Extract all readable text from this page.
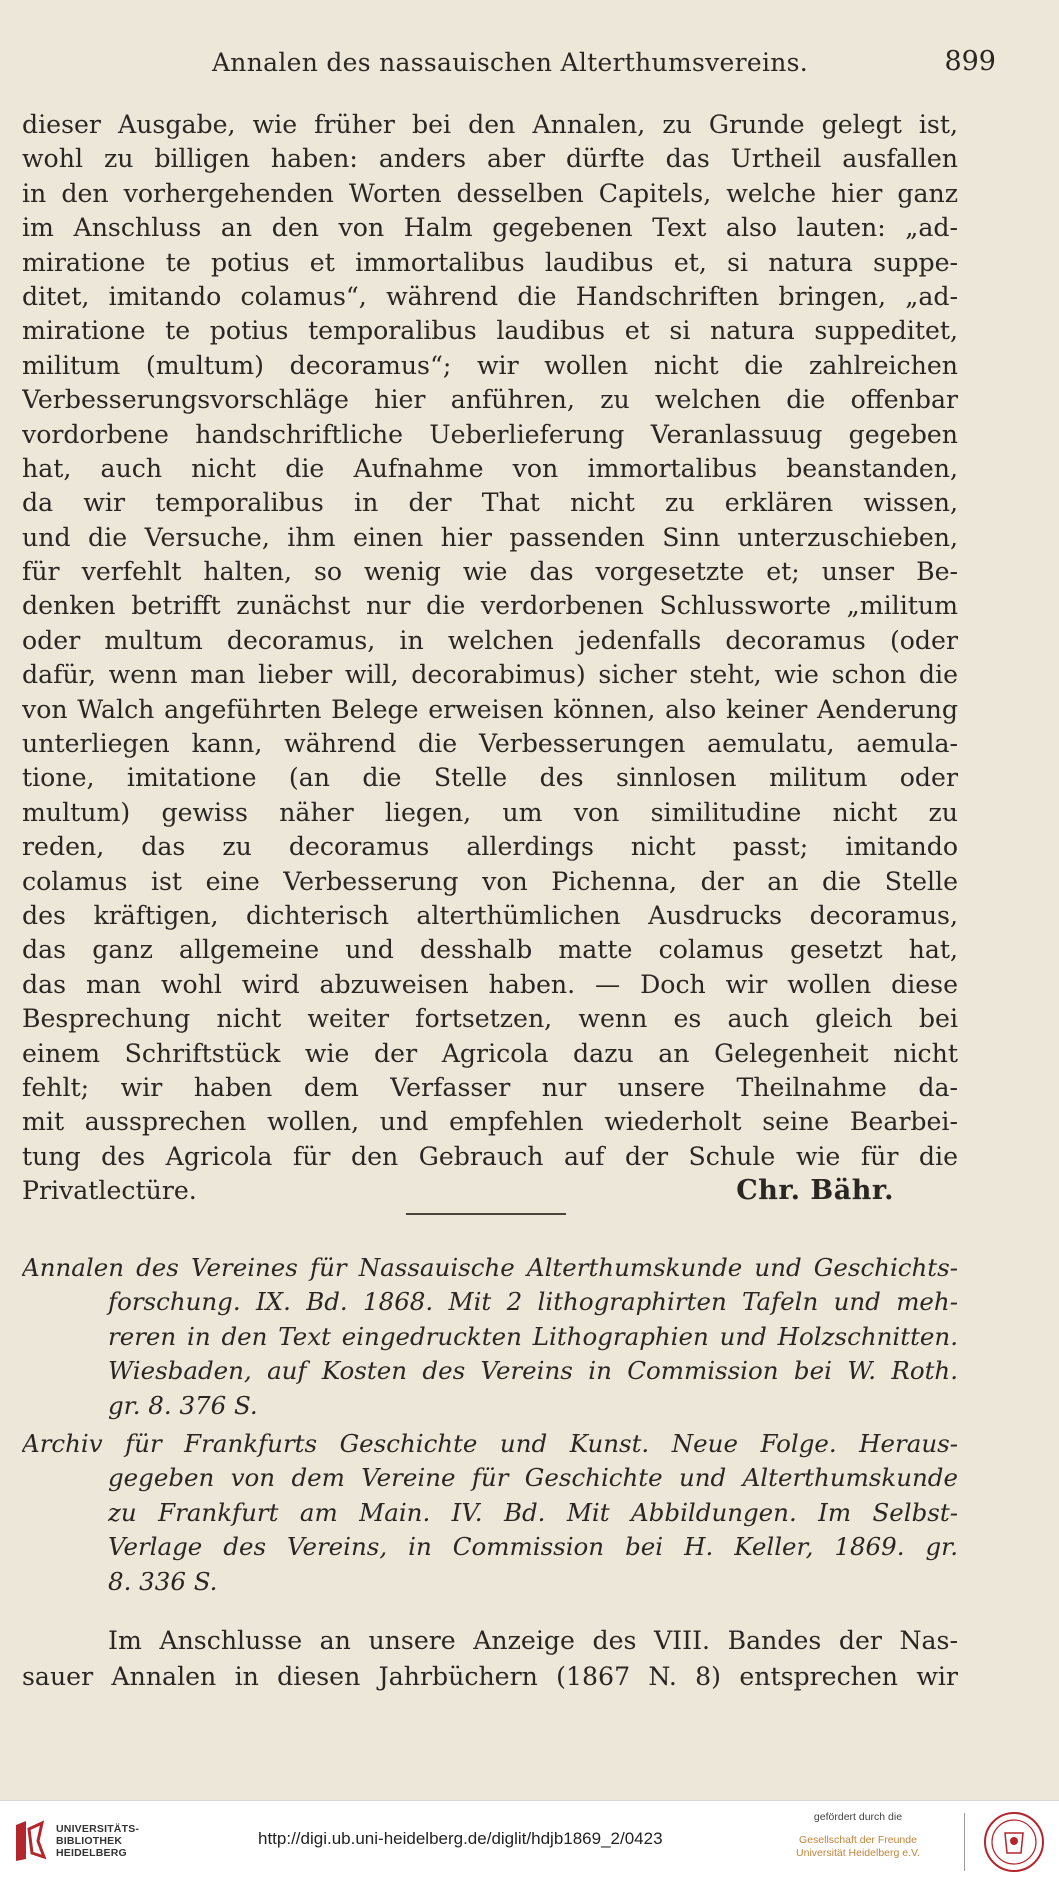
Annalen des nassauischen Alterthumsvereins.	899
dieser Ausgabe, wie früher bei den Annalen, zu Grunde gelegt ist,
wohl zu billigen haben: anders aber dürfte das Urtheil ausfallen
in den vorhergehenden Worten desselben Capitels, welche hier ganz
im Anschluss an den von Halm gegebenen Text also lauten: „ad-
miratione te potius et immortalibus laudibus et, si natura suppe-
ditet, imitando colamus“, während die Handschriften bringen, „ad-
miratione te potius temporalibus laudibus et si natura suppeditet,
militum (multum) decoramus“; wir wollen nicht die zahlreichen
Verbesserungsvorschläge hier anführen, zu welchen die offenbar
vordorbene handschriftliche Ueberlieferung Veranlassuug gegeben
hat, auch nicht die Aufnahme von immortalibus beanstanden,
da wir temporalibus in der That nicht zu erklären wissen,
und die Versuche, ihm einen hier passenden Sinn unterzuschieben,
für verfehlt halten, so wenig wie das vorgesetzte et; unser Be-
denken betrifft zunächst nur die verdorbenen Schlussworte „militum
oder multum decoramus, in welchen jedenfalls decoramus (oder
dafür, wenn man lieber will, decorabimus) sicher steht, wie schon die
von Walch angeführten Belege erweisen können, also keiner Aenderung
unterliegen kann, während die Verbesserungen aemulatu, aemula-
tione, imitatione (an die Stelle des sinnlosen militum oder
multum) gewiss näher liegen, um von similitudine nicht zu
reden, das zu decoramus allerdings nicht passt; imitando
colamus ist eine Verbesserung von Pichenna, der an die Stelle
des kräftigen, dichterisch alterthümlichen Ausdrucks decoramus,
das ganz allgemeine und desshalb matte colamus gesetzt hat,
das man wohl wird abzuweisen haben. — Doch wir wollen diese
Besprechung nicht weiter fortsetzen, wenn es auch gleich bei
einem Schriftstück wie der Agricola dazu an Gelegenheit nicht
fehlt; wir haben dem Verfasser nur unsere Theilnahme da-
mit aussprechen wollen, und empfehlen wiederholt seine Bearbei-
tung des Agricola für den Gebrauch auf der Schule wie für die
Privatlectüre.	Chr. Bähr.
Annalen des Vereines für Nassauische Alterthumskunde und Geschichts-
forschung. IX. Bd. 1868. Mit 2 lithographirten Tafeln und meh-
reren in den Text eingedruckten Lithographien und Holzschnitten.
Wiesbaden, auf Kosten des Vereins in Commission bei W. Roth.
gr. 8. 376 S.
Archiv für Frankfurts Geschichte und Kunst. Neue Folge. Heraus-
gegeben von dem Vereine für Geschichte und Alterthumskunde
zu Frankfurt am Main. IV. Bd. Mit Abbildungen. Im Selbst-
Verlage des Vereins, in Commission bei H. Keller, 1869. gr.
8. 336 S.
Im Anschlusse an unsere Anzeige des VIII. Bandes der Nas-
sauer Annalen in diesen Jahrbüchern (1867 N. 8) entsprechen wir
UNIVERSITÄTS-
BIBLIOTHEK
HEIDELBERG
http://digi.ub.uni-heidelberg.de/diglit/hdjb1869_2/0423
gefördert durch die
Gesellschaft der Freunde
Universität Heidelberg e.V.
